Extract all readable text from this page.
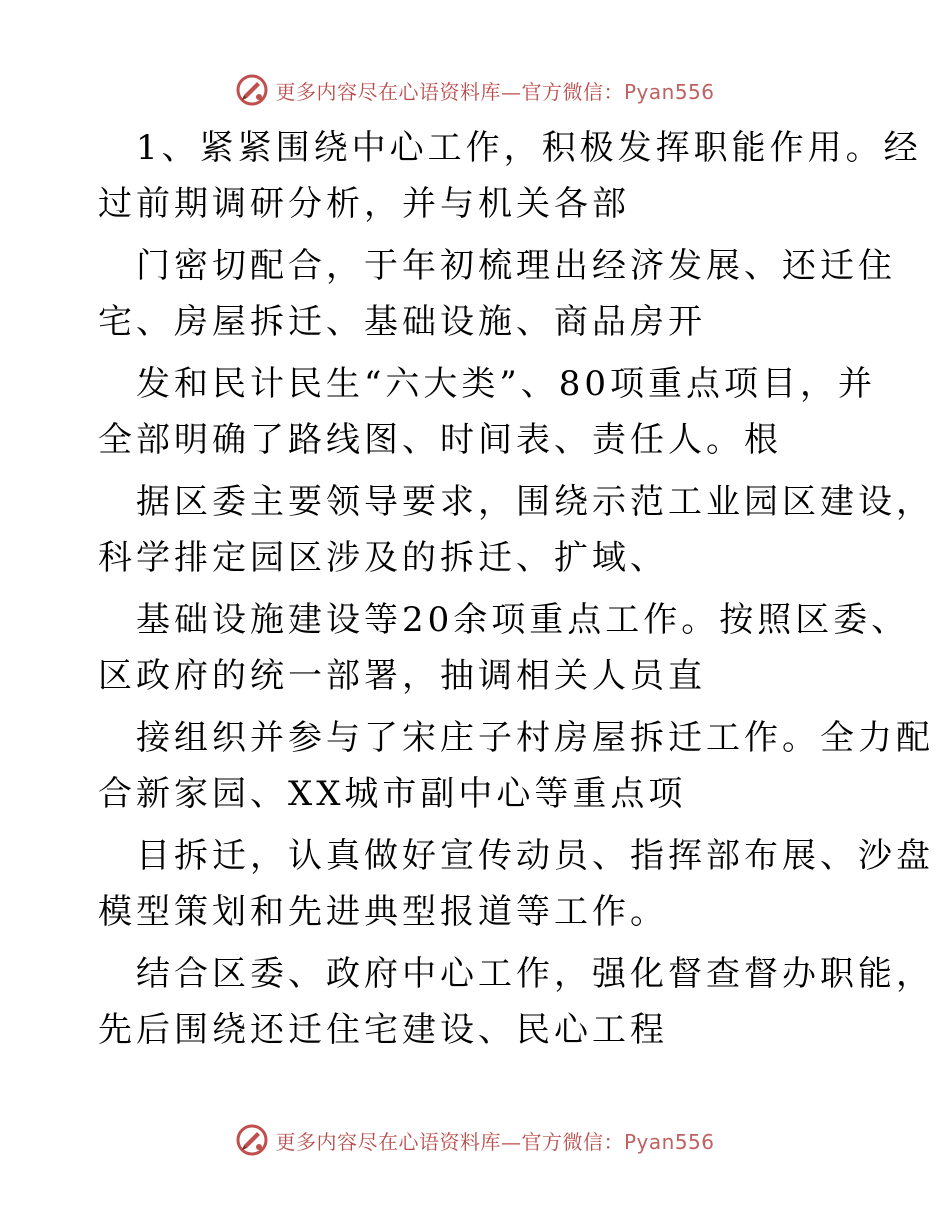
更多内容尽在心语资料库—官方微信：Pyan556
1、紧紧围绕中心工作，积极发挥职能作用。经
过前期调研分析，并与机关各部
门密切配合，于年初梳理出经济发展、还迁住
宅、房屋拆迁、基础设施、商品房开
发和民计民生“六大类”、80项重点项目，并
全部明确了路线图、时间表、责任人。根
据区委主要领导要求，围绕示范工业园区建设，
科学排定园区涉及的拆迁、扩域、
基础设施建设等20余项重点工作。按照区委、
区政府的统一部署，抽调相关人员直
接组织并参与了宋庄子村房屋拆迁工作。全力配
合新家园、XX城市副中心等重点项
目拆迁，认真做好宣传动员、指挥部布展、沙盘
模型策划和先进典型报道等工作。
结合区委、政府中心工作，强化督查督办职能，
先后围绕还迁住宅建设、民心工程
更多内容尽在心语资料库—官方微信：Pyan556
